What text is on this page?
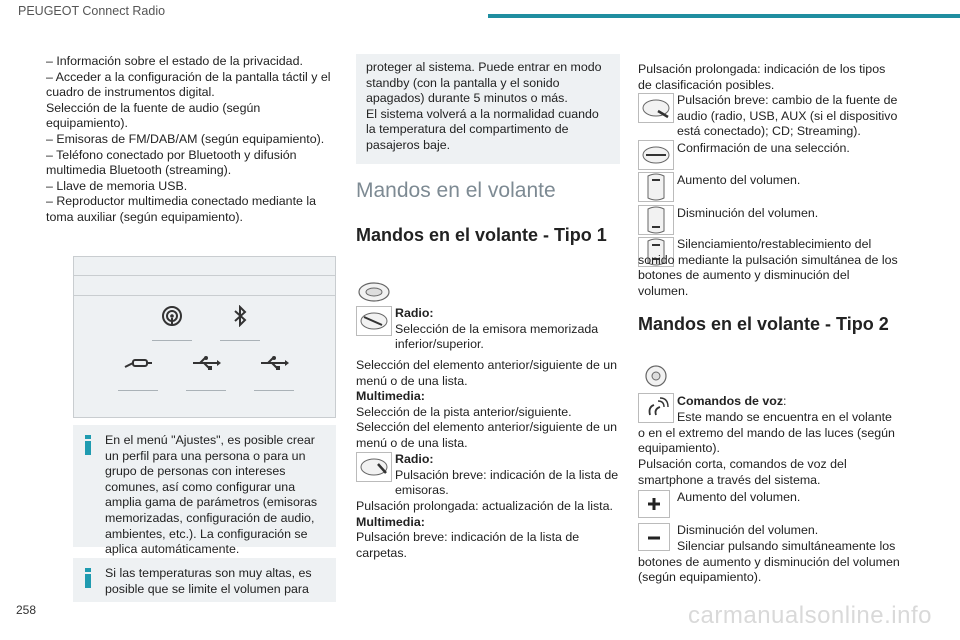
PEUGEOT Connect Radio

– Información sobre el estado de la privacidad.

– Acceder a la configuración de la pantalla táctil y el cuadro de instrumentos digital.

Selección de la fuente de audio (según equipamiento).

– Emisoras de FM/DAB/AM (según equipamiento).

– Teléfono conectado por Bluetooth y difusión multimedia Bluetooth (streaming).

– Llave de memoria USB.

– Reproductor multimedia conectado mediante la toma auxiliar (según equipamiento).

En el menú "Ajustes", es posible crear un perfil para una persona o para un grupo de personas con intereses comunes, así como configurar una amplia gama de parámetros (emisoras memorizadas, configuración de audio, ambientes, etc.). La configuración se aplica automáticamente.

Si las temperaturas son muy altas, es posible que se limite el volumen para

proteger al sistema. Puede entrar en modo standby (con la pantalla y el sonido apagados) durante 5 minutos o más.

El sistema volverá a la normalidad cuando la temperatura del compartimento de pasajeros baje.

Mandos en el volante
Mandos en el volante - Tipo 1

Radio:

Selección de la emisora memorizada inferior/superior.

Selección del elemento anterior/siguiente de un menú o de una lista.

Multimedia:

Selección de la pista anterior/siguiente.

Selección del elemento anterior/siguiente de un menú o de una lista.

Radio:

Pulsación breve: indicación de la lista de emisoras.

Pulsación prolongada: actualización de la lista.

Multimedia:

Pulsación breve: indicación de la lista de carpetas.

Pulsación prolongada: indicación de los tipos de clasificación posibles.

Pulsación breve: cambio de la fuente de audio (radio, USB, AUX (si el dispositivo está conectado); CD; Streaming).

Confirmación de una selección.
Aumento del volumen.
Disminución del volumen.
Silenciamiento/restablecimiento del sonido mediante la pulsación simultánea de los botones de aumento y disminución del volumen.
Mandos en el volante - Tipo 2

Comandos de voz:

Este mando se encuentra en el volante o en el extremo del mando de las luces (según equipamiento).
Pulsación corta, comandos de voz del smartphone a través del sistema.
Aumento del volumen.
Disminución del volumen.
Silenciar pulsando simultáneamente los botones de aumento y disminución del volumen (según equipamiento).
258	carmanualsonline.info
